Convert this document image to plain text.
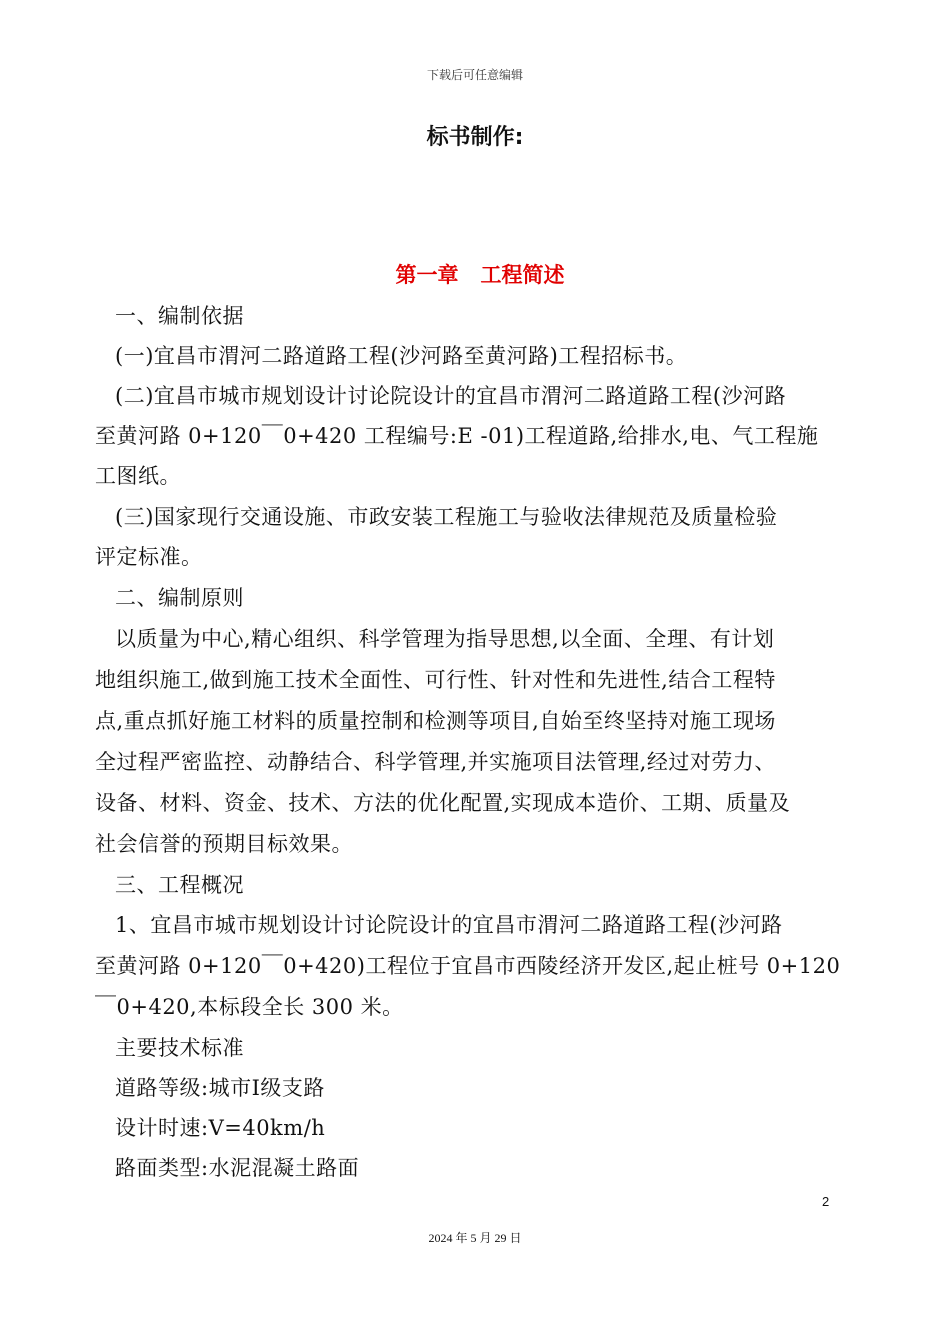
下载后可任意编辑
标书制作:
第一章   工程简述
一、编制依据
(一)宜昌市渭河二路道路工程(沙河路至黄河路)工程招标书。
(二)宜昌市城市规划设计讨论院设计的宜昌市渭河二路道路工程(沙河路
至黄河路 0+120￣0+420 工程编号:E -01)工程道路,给排水,电、气工程施
工图纸。
(三)国家现行交通设施、市政安装工程施工与验收法律规范及质量检验
评定标准。
二、编制原则
以质量为中心,精心组织、科学管理为指导思想,以全面、全理、有计划
地组织施工,做到施工技术全面性、可行性、针对性和先进性,结合工程特
点,重点抓好施工材料的质量控制和检测等项目,自始至终坚持对施工现场
全过程严密监控、动静结合、科学管理,并实施项目法管理,经过对劳力、
设备、材料、资金、技术、方法的优化配置,实现成本造价、工期、质量及
社会信誉的预期目标效果。
三、工程概况
1、宜昌市城市规划设计讨论院设计的宜昌市渭河二路道路工程(沙河路
至黄河路 0+120￣0+420)工程位于宜昌市西陵经济开发区,起止桩号 0+120
￣0+420,本标段全长 300 米。
主要技术标准
道路等级:城市Ⅰ级支路
设计时速:V=40km/h
路面类型:水泥混凝土路面
2
2024 年 5 月 29 日
